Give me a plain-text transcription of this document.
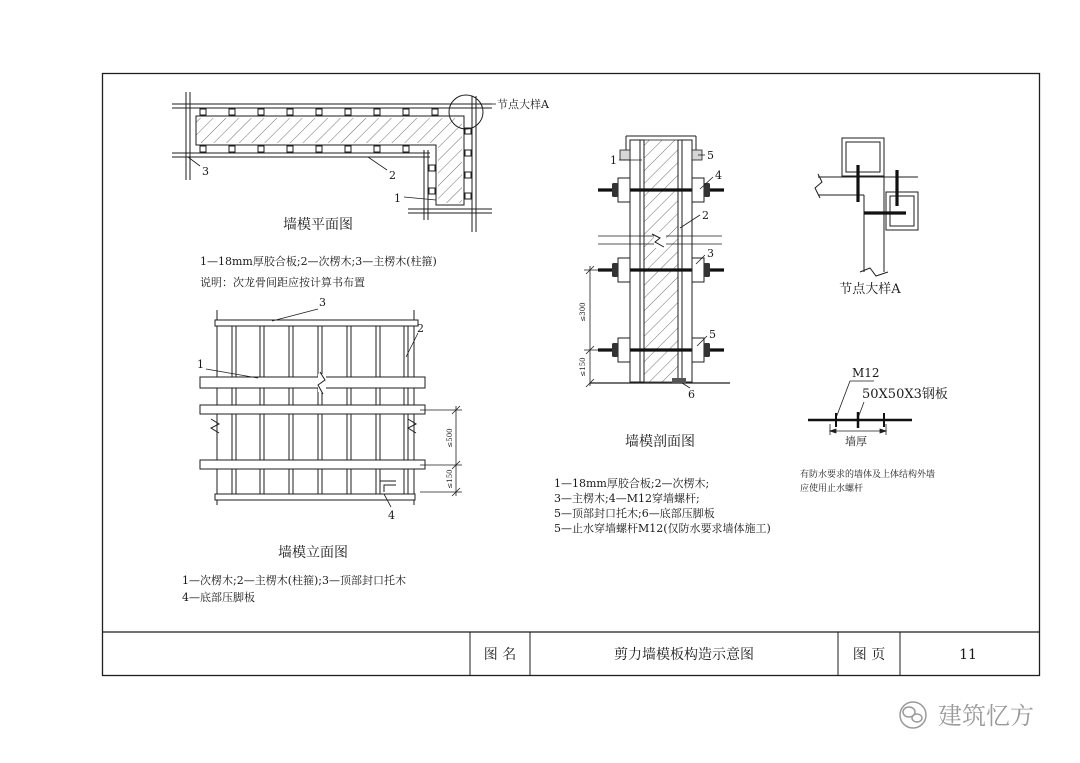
节点大样A
3	2
1
墙模平面图
1—18mm厚胶合板;2—次楞木;3—主楞木(柱箍)
说明：次龙骨间距应按计算书布置
≤500
≤150
3
2
1
4
墙模立面图
1—次楞木;2—主楞木(柱箍);3—顶部封口托木
4—底部压脚板
≤300
≤150
1	5
4
2
3
5
6
墙模剖面图
1—18mm厚胶合板;2—次楞木;
3—主楞木;4—M12穿墙螺杆;
5—顶部封口托木;6—底部压脚板
5—止水穿墙螺杆M12(仅防水要求墙体施工)
节点大样A
M12
50X50X3钢板
墙厚
有防水要求的墙体及上体结构外墙
应使用止水螺杆
图 名	剪力墙模板构造示意图	图 页	11
建筑忆方
